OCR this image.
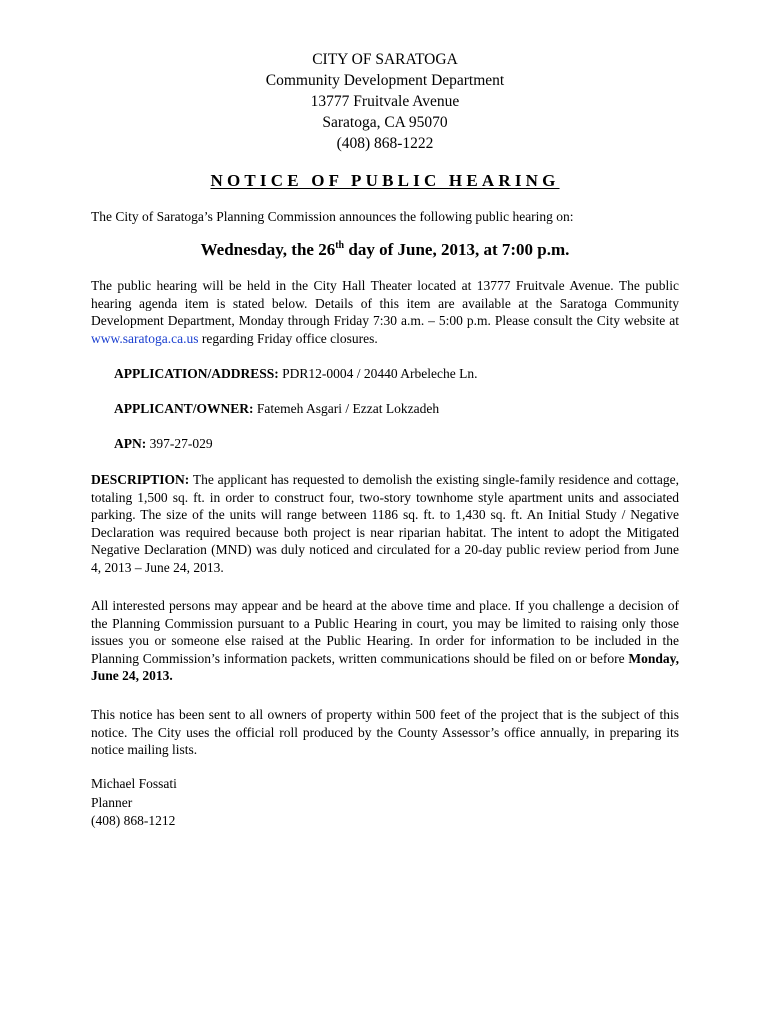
CITY OF SARATOGA
Community Development Department
13777 Fruitvale Avenue
Saratoga, CA 95070
(408) 868-1222
NOTICE OF PUBLIC HEARING
The City of Saratoga’s Planning Commission announces the following public hearing on:
Wednesday, the 26th day of June, 2013, at 7:00 p.m.
The public hearing will be held in the City Hall Theater located at 13777 Fruitvale Avenue. The public hearing agenda item is stated below. Details of this item are available at the Saratoga Community Development Department, Monday through Friday 7:30 a.m. – 5:00 p.m. Please consult the City website at www.saratoga.ca.us regarding Friday office closures.
APPLICATION/ADDRESS: PDR12-0004 / 20440 Arbeleche Ln.
APPLICANT/OWNER: Fatemeh Asgari / Ezzat Lokzadeh
APN: 397-27-029
DESCRIPTION: The applicant has requested to demolish the existing single-family residence and cottage, totaling 1,500 sq. ft. in order to construct four, two-story townhome style apartment units and associated parking. The size of the units will range between 1186 sq. ft. to 1,430 sq. ft. An Initial Study / Negative Declaration was required because both project is near riparian habitat. The intent to adopt the Mitigated Negative Declaration (MND) was duly noticed and circulated for a 20-day public review period from June 4, 2013 – June 24, 2013.
All interested persons may appear and be heard at the above time and place. If you challenge a decision of the Planning Commission pursuant to a Public Hearing in court, you may be limited to raising only those issues you or someone else raised at the Public Hearing. In order for information to be included in the Planning Commission’s information packets, written communications should be filed on or before Monday, June 24, 2013.
This notice has been sent to all owners of property within 500 feet of the project that is the subject of this notice. The City uses the official roll produced by the County Assessor’s office annually, in preparing its notice mailing lists.
Michael Fossati
Planner
(408) 868-1212
